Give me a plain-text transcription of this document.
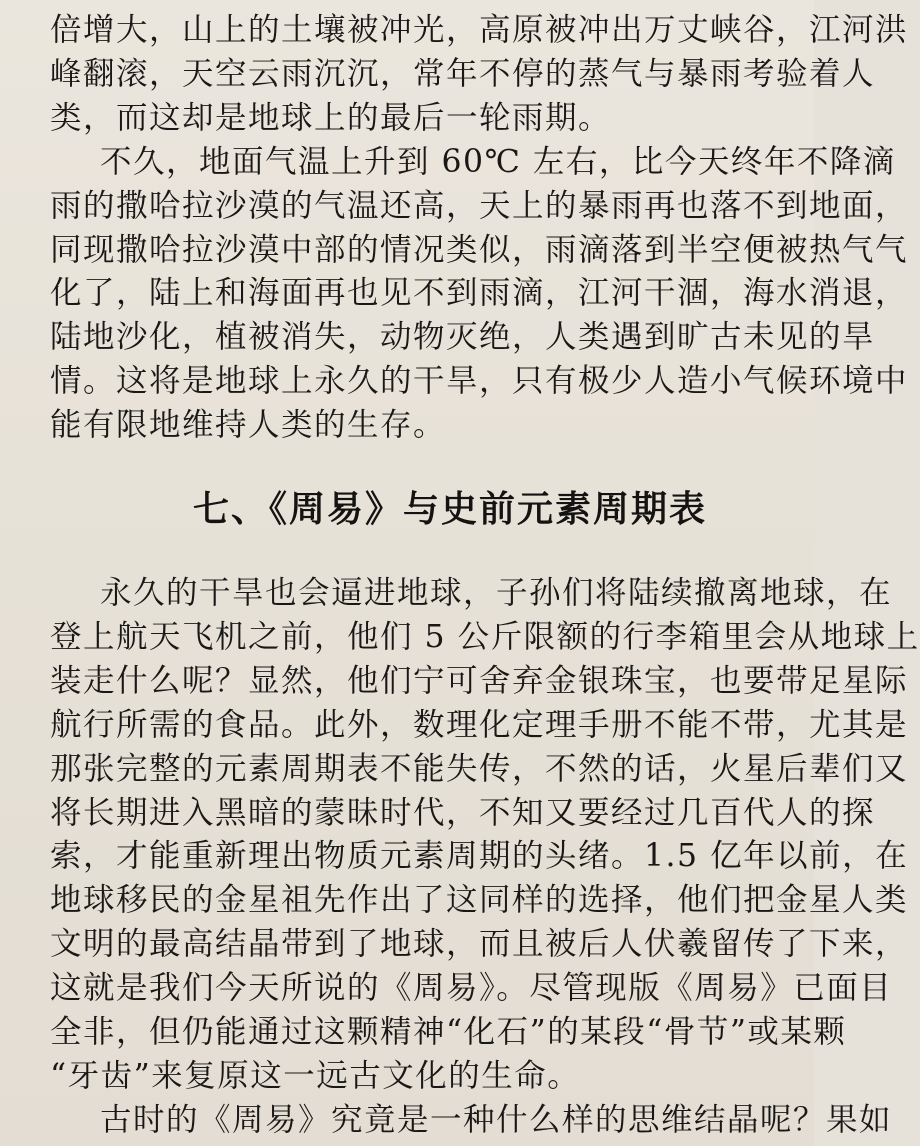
倍增大，山上的土壤被冲光，高原被冲出万丈峡谷，江河洪
峰翻滚，天空云雨沉沉，常年不停的蒸气与暴雨考验着人
类，而这却是地球上的最后一轮雨期。
不久，地面气温上升到 60℃ 左右，比今天终年不降滴
雨的撒哈拉沙漠的气温还高，天上的暴雨再也落不到地面，
同现撒哈拉沙漠中部的情况类似，雨滴落到半空便被热气气
化了，陆上和海面再也见不到雨滴，江河干涸，海水消退，
陆地沙化，植被消失，动物灭绝，人类遇到旷古未见的旱
情。这将是地球上永久的干旱，只有极少人造小气候环境中
能有限地维持人类的生存。
七、《周易》与史前元素周期表
永久的干旱也会逼进地球，子孙们将陆续撤离地球，在
登上航天飞机之前，他们 5 公斤限额的行李箱里会从地球上
装走什么呢？显然，他们宁可舍弃金银珠宝，也要带足星际
航行所需的食品。此外，数理化定理手册不能不带，尤其是
那张完整的元素周期表不能失传，不然的话，火星后辈们又
将长期进入黑暗的蒙昧时代，不知又要经过几百代人的探
索，才能重新理出物质元素周期的头绪。1.5 亿年以前，在
地球移民的金星祖先作出了这同样的选择，他们把金星人类
文明的最高结晶带到了地球，而且被后人伏羲留传了下来，
这就是我们今天所说的《周易》。尽管现版《周易》已面目
全非，但仍能通过这颗精神“化石”的某段“骨节”或某颗
“牙齿”来复原这一远古文化的生命。
古时的《周易》究竟是一种什么样的思维结晶呢？果如
